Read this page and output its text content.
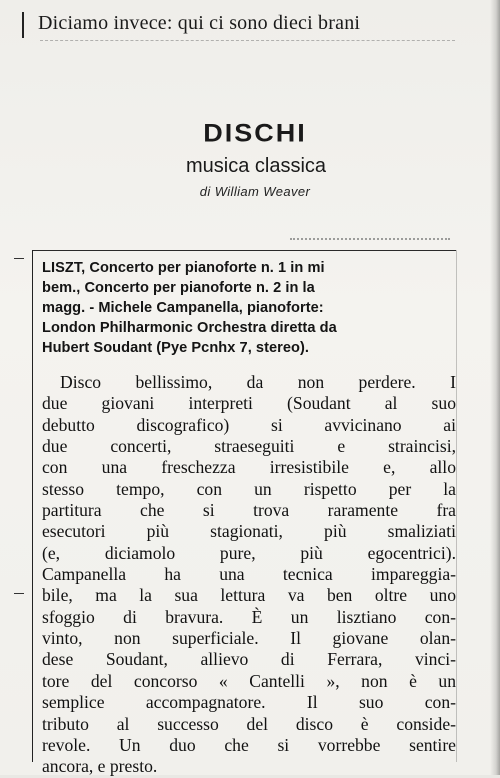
Diciamo invece: qui ci sono dieci brani
DISCHI
musica classica
di William Weaver
LISZT, Concerto per pianoforte n. 1 in mi
bem., Concerto per pianoforte n. 2 in la
magg. - Michele Campanella, pianoforte:
London Philharmonic Orchestra diretta da
Hubert Soudant (Pye Pcnhx 7, stereo).
Disco bellissimo, da non perdere. I
due giovani interpreti (Soudant al suo
debutto discografico) si avvicinano ai
due concerti, straeseguiti e straincisi,
con una freschezza irresistibile e, allo
stesso tempo, con un rispetto per la
partitura che si trova raramente fra
esecutori più stagionati, più smaliziati
(e, diciamolo pure, più egocentrici).
Campanella ha una tecnica impareggia-
bile, ma la sua lettura va ben oltre uno
sfoggio di bravura. È un lisztiano con-
vinto, non superficiale. Il giovane olan-
dese Soudant, allievo di Ferrara, vinci-
tore del concorso « Cantelli », non è un
semplice accompagnatore. Il suo con-
tributo al successo del disco è conside-
revole. Un duo che si vorrebbe sentire
ancora, e presto.
